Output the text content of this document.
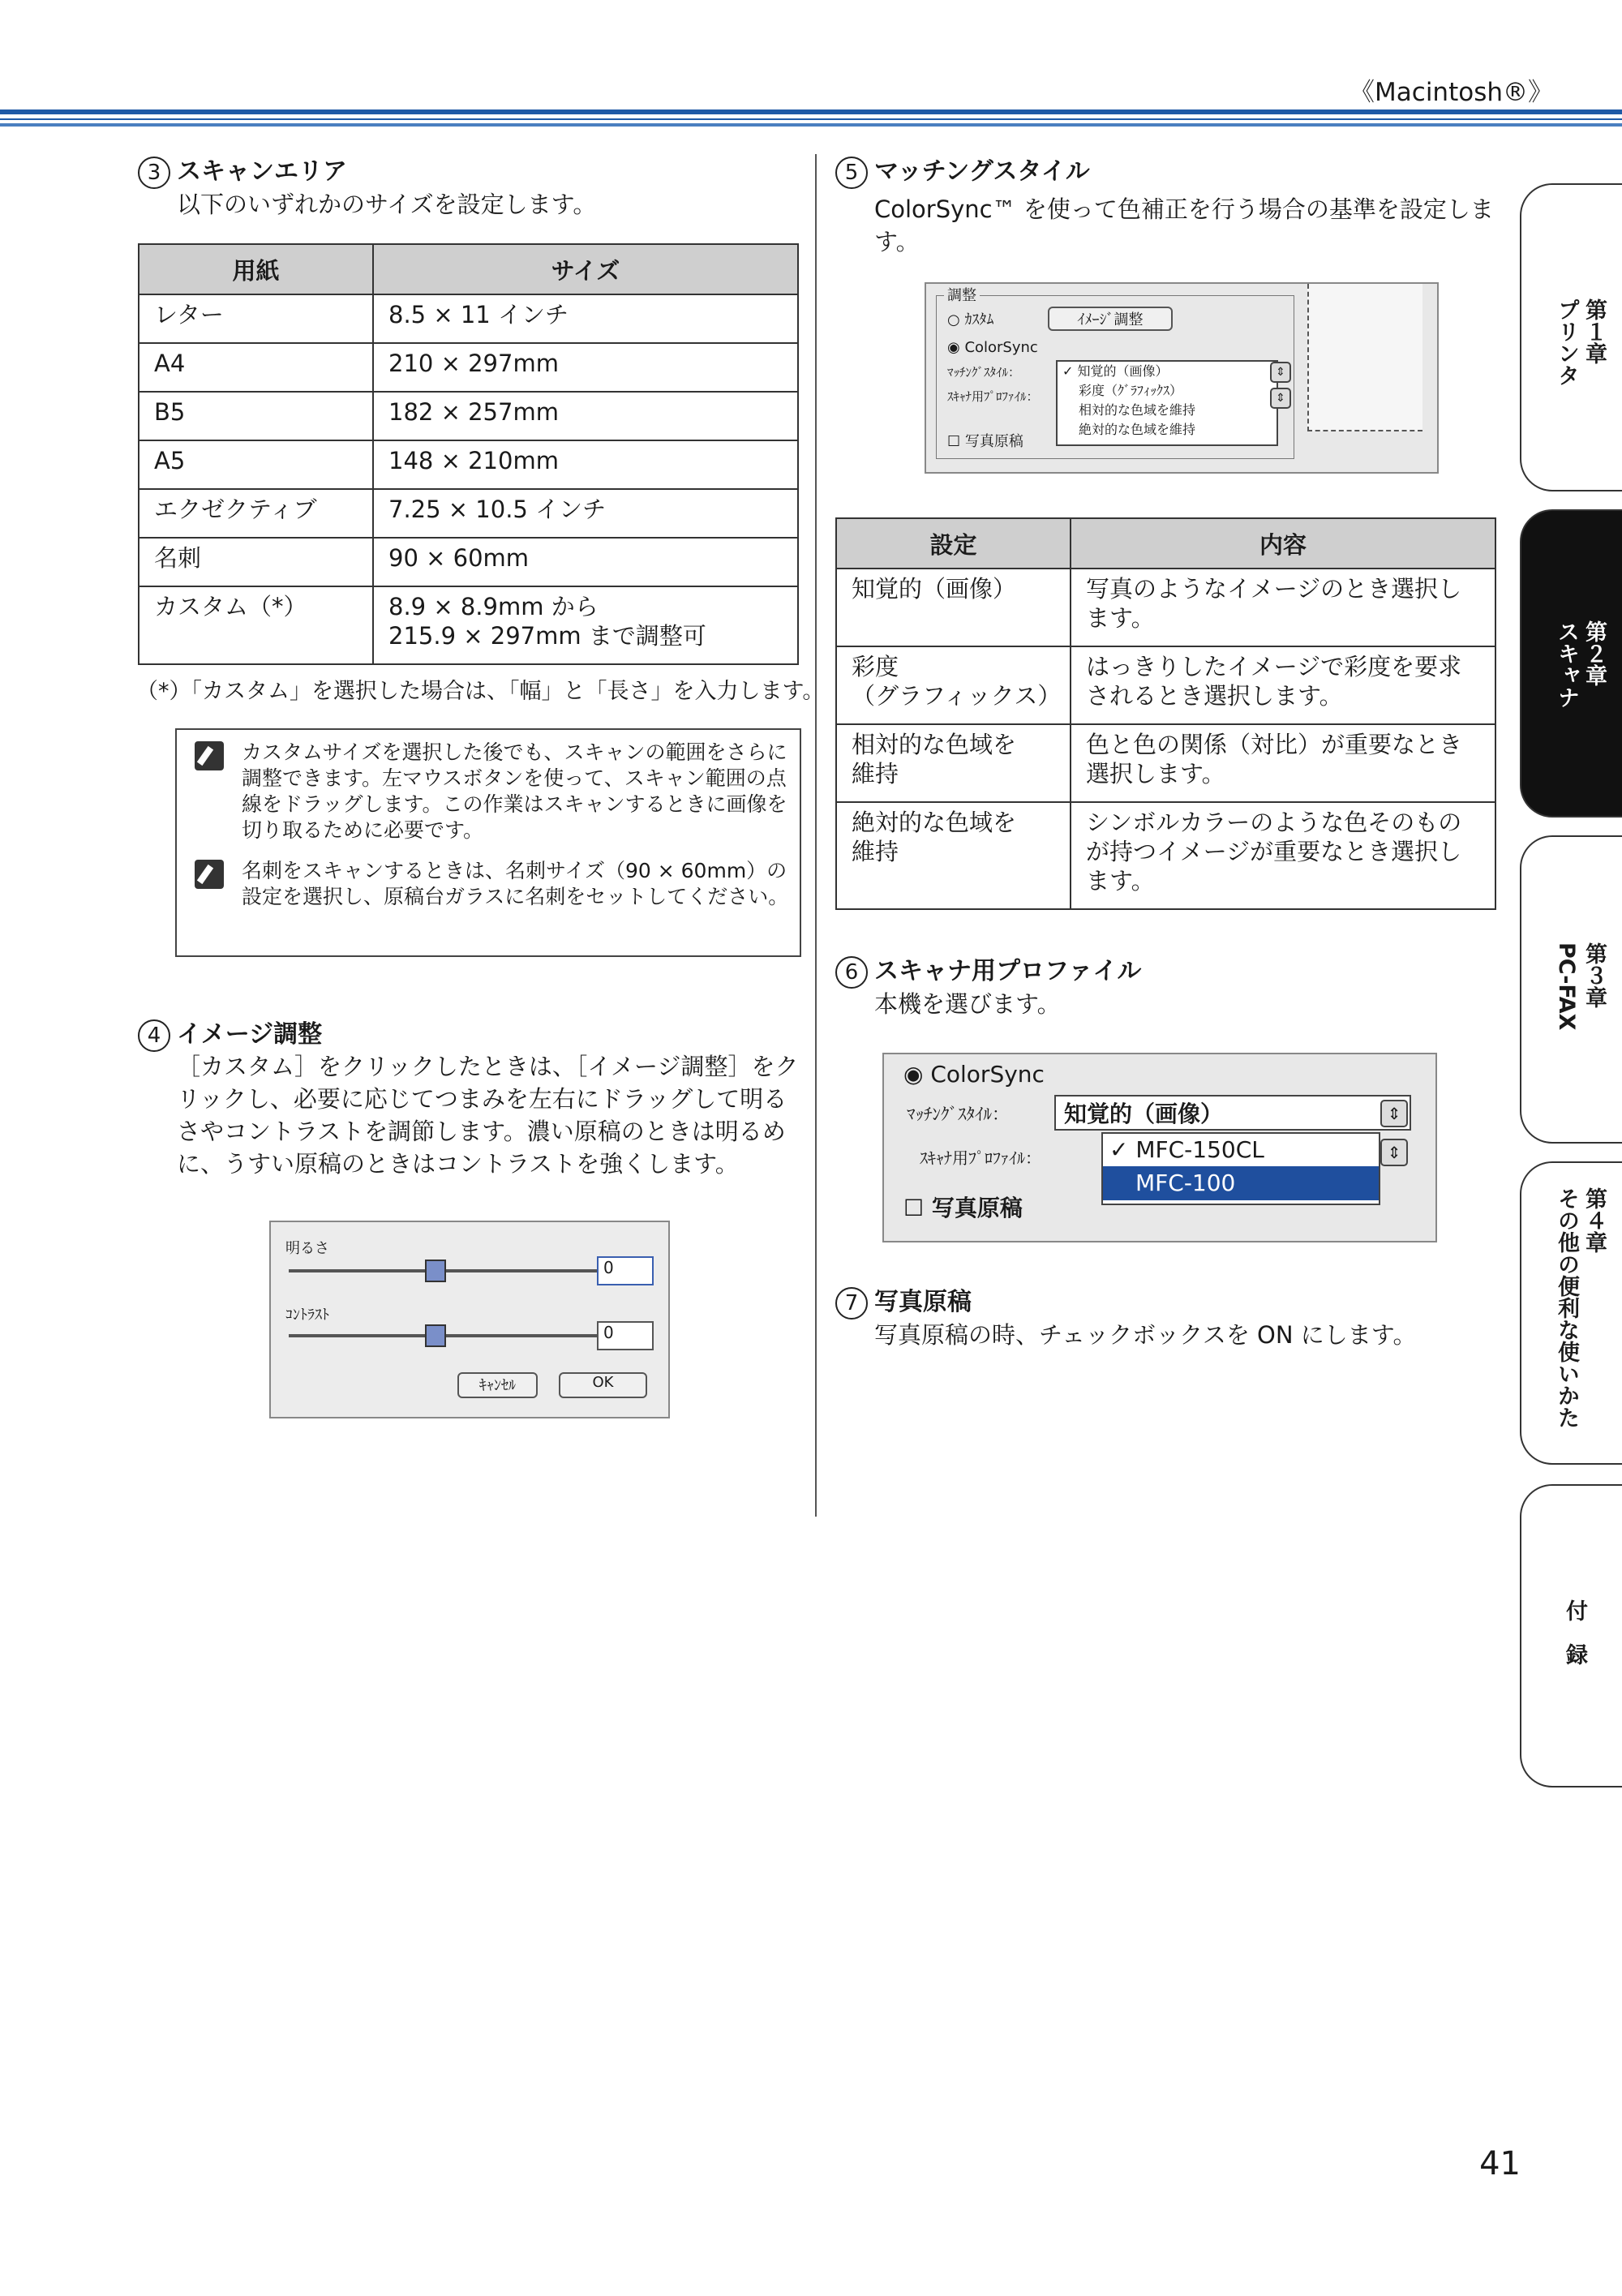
《Macintosh®》
3 スキャンエリア
以下のいずれかのサイズを設定します。
用紙	サイズ
レター	8.5 × 11 インチ
A4	210 × 297mm
B5	182 × 257mm
A5	148 × 210mm
エクゼクティブ	7.25 × 10.5 インチ
名刺	90 × 60mm
カスタム（*）	8.9 × 8.9mm から
215.9 × 297mm まで調整可
（*）「カスタム」を選択した場合は、「幅」と「長さ」を入力します。
カスタムサイズを選択した後でも、スキャンの範囲をさらに調整できます。左マウスボタンを使って、スキャン範囲の点線をドラッグします。この作業はスキャンするときに画像を切り取るために必要です。
名刺をスキャンするときは、名刺サイズ（90 × 60mm）の設定を選択し、原稿台ガラスに名刺をセットしてください。
4 イメージ調整
［カスタム］をクリックしたときは、［イメージ調整］をクリックし、必要に応じてつまみを左右にドラッグして明るさやコントラストを調節します。濃い原稿のときは明るめに、うすい原稿のときはコントラストを強くします。
明るさ
0
ｺﾝﾄﾗｽﾄ
0
ｷｬﾝｾﾙ	OK
5 マッチングスタイル
ColorSync™ を使って色補正を行う場合の基準を設定します。
調整
○ ｶｽﾀﾑ	ｲﾒｰｼﾞ調整
◉ ColorSync
ﾏｯﾁﾝｸﾞｽﾀｲﾙ：
ｽｷｬﾅ用ﾌﾟﾛﾌｧｲﾙ：
✓ 知覚的（画像）
彩度（ｸﾞﾗﾌｨｯｸｽ）
相対的な色域を維持
絶対的な色域を維持
⇕
⇕
☐ 写真原稿
設定	内容
知覚的（画像）	写真のようなイメージのとき選択します。
彩度
（グラフィックス）	はっきりしたイメージで彩度を要求されるとき選択します。
相対的な色域を
維持	色と色の関係（対比）が重要なとき選択します。
絶対的な色域を
維持	シンボルカラーのような色そのものが持つイメージが重要なとき選択します。
6 スキャナ用プロファイル
本機を選びます。
◉ ColorSync
ﾏｯﾁﾝｸﾞｽﾀｲﾙ：	知覚的（画像）	⇕
ｽｷｬﾅ用ﾌﾟﾛﾌｧｲﾙ：	✓ MFC-150CL
MFC-100
⇕
☐ 写真原稿
7 写真原稿
写真原稿の時、チェックボックスを ON にします。
第１章
プリンタ
第２章
スキャナ
第３章
PC-FAX
第４章
その他の便利な使いかた
付　録
41
